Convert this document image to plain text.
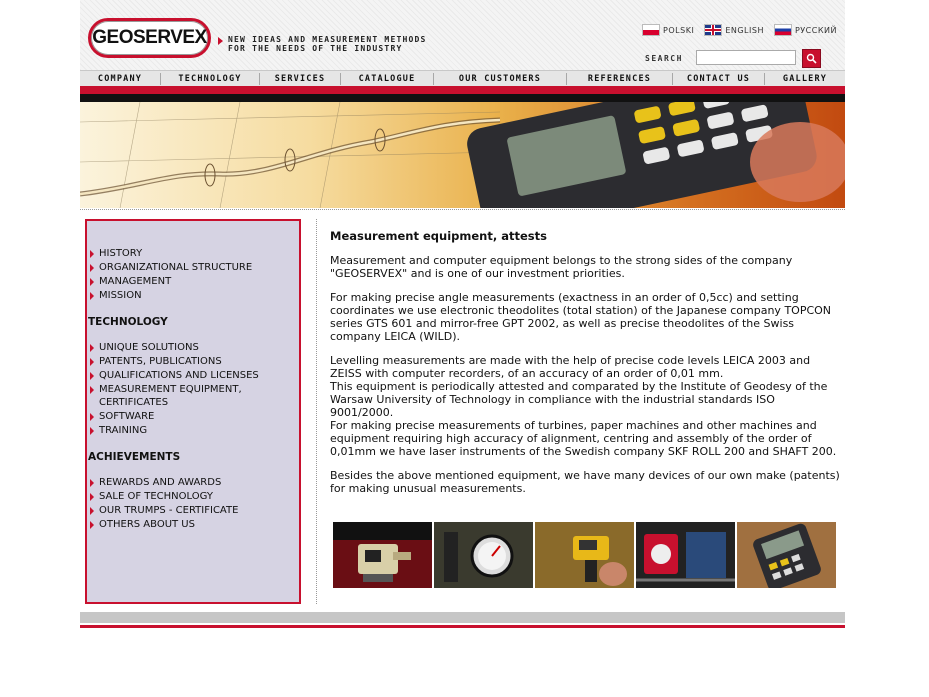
GEOSERVEX	NEW IDEAS AND MEASUREMENT METHODS
FOR THE NEEDS OF THE INDUSTRY
POLSKI	ENGLISH	РУССКИЙ
SEARCH
COMPANY	TECHNOLOGY	SERVICES	CATALOGUE	OUR CUSTOMERS	REFERENCES	CONTACT US	GALLERY
HISTORY
ORGANIZATIONAL STRUCTURE
MANAGEMENT
MISSION
TECHNOLOGY
UNIQUE SOLUTIONS
PATENTS, PUBLICATIONS
QUALIFICATIONS AND LICENSES
MEASUREMENT EQUIPMENT,
CERTIFICATES
SOFTWARE
TRAINING
ACHIEVEMENTS
REWARDS AND AWARDS
SALE OF TECHNOLOGY
OUR TRUMPS - CERTIFICATE
OTHERS ABOUT US
Measurement equipment, attests

Measurement and computer equipment belongs to the strong sides of the company "GEOSERVEX" and is one of our investment priorities.

For making precise angle measurements (exactness in an order of 0,5cc) and setting coordinates we use electronic theodolites (total station) of the Japanese company TOPCON series GTS 601 and mirror-free GPT 2002, as well as precise theodolites of the Swiss company LEICA (WILD).

Levelling measurements are made with the help of precise code levels LEICA 2003 and ZEISS with computer recorders, of an accuracy of an order of 0,01 mm.

This equipment is periodically attested and comparated by the Institute of Geodesy of the Warsaw University of Technology in compliance with the industrial standards ISO 9001/2000.

For making precise measurements of turbines, paper machines and other machines and equipment requiring high accuracy of alignment, centring and assembly of the order of 0,01mm we have laser instruments of the Swedish company SKF ROLL 200 and SHAFT 200.

Besides the above mentioned equipment, we have many devices of our own make (patents) for making unusual measurements.
